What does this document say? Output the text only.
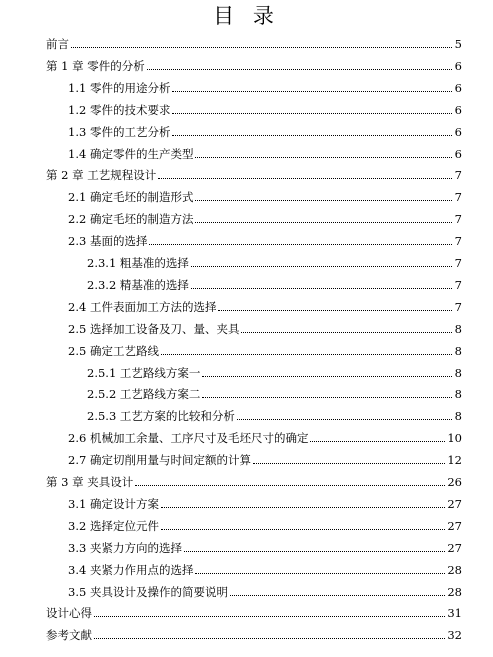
目 录
前言	5
第 1 章 零件的分析	6
1.1 零件的用途分析	6
1.2 零件的技术要求	6
1.3 零件的工艺分析	6
1.4 确定零件的生产类型	6
第 2 章 工艺规程设计	7
2.1 确定毛坯的制造形式	7
2.2 确定毛坯的制造方法	7
2.3 基面的选择	7
2.3.1 粗基准的选择	7
2.3.2 精基准的选择	7
2.4 工件表面加工方法的选择	7
2.5 选择加工设备及刀、量、夹具	8
2.5 确定工艺路线	8
2.5.1 工艺路线方案一	8
2.5.2 工艺路线方案二	8
2.5.3 工艺方案的比较和分析	8
2.6 机械加工余量、工序尺寸及毛坯尺寸的确定	10
2.7 确定切削用量与时间定额的计算	12
第 3 章 夹具设计	26
3.1 确定设计方案	27
3.2 选择定位元件	27
3.3 夹紧力方向的选择	27
3.4 夹紧力作用点的选择	28
3.5 夹具设计及操作的简要说明	28
设计心得	31
参考文献	32
